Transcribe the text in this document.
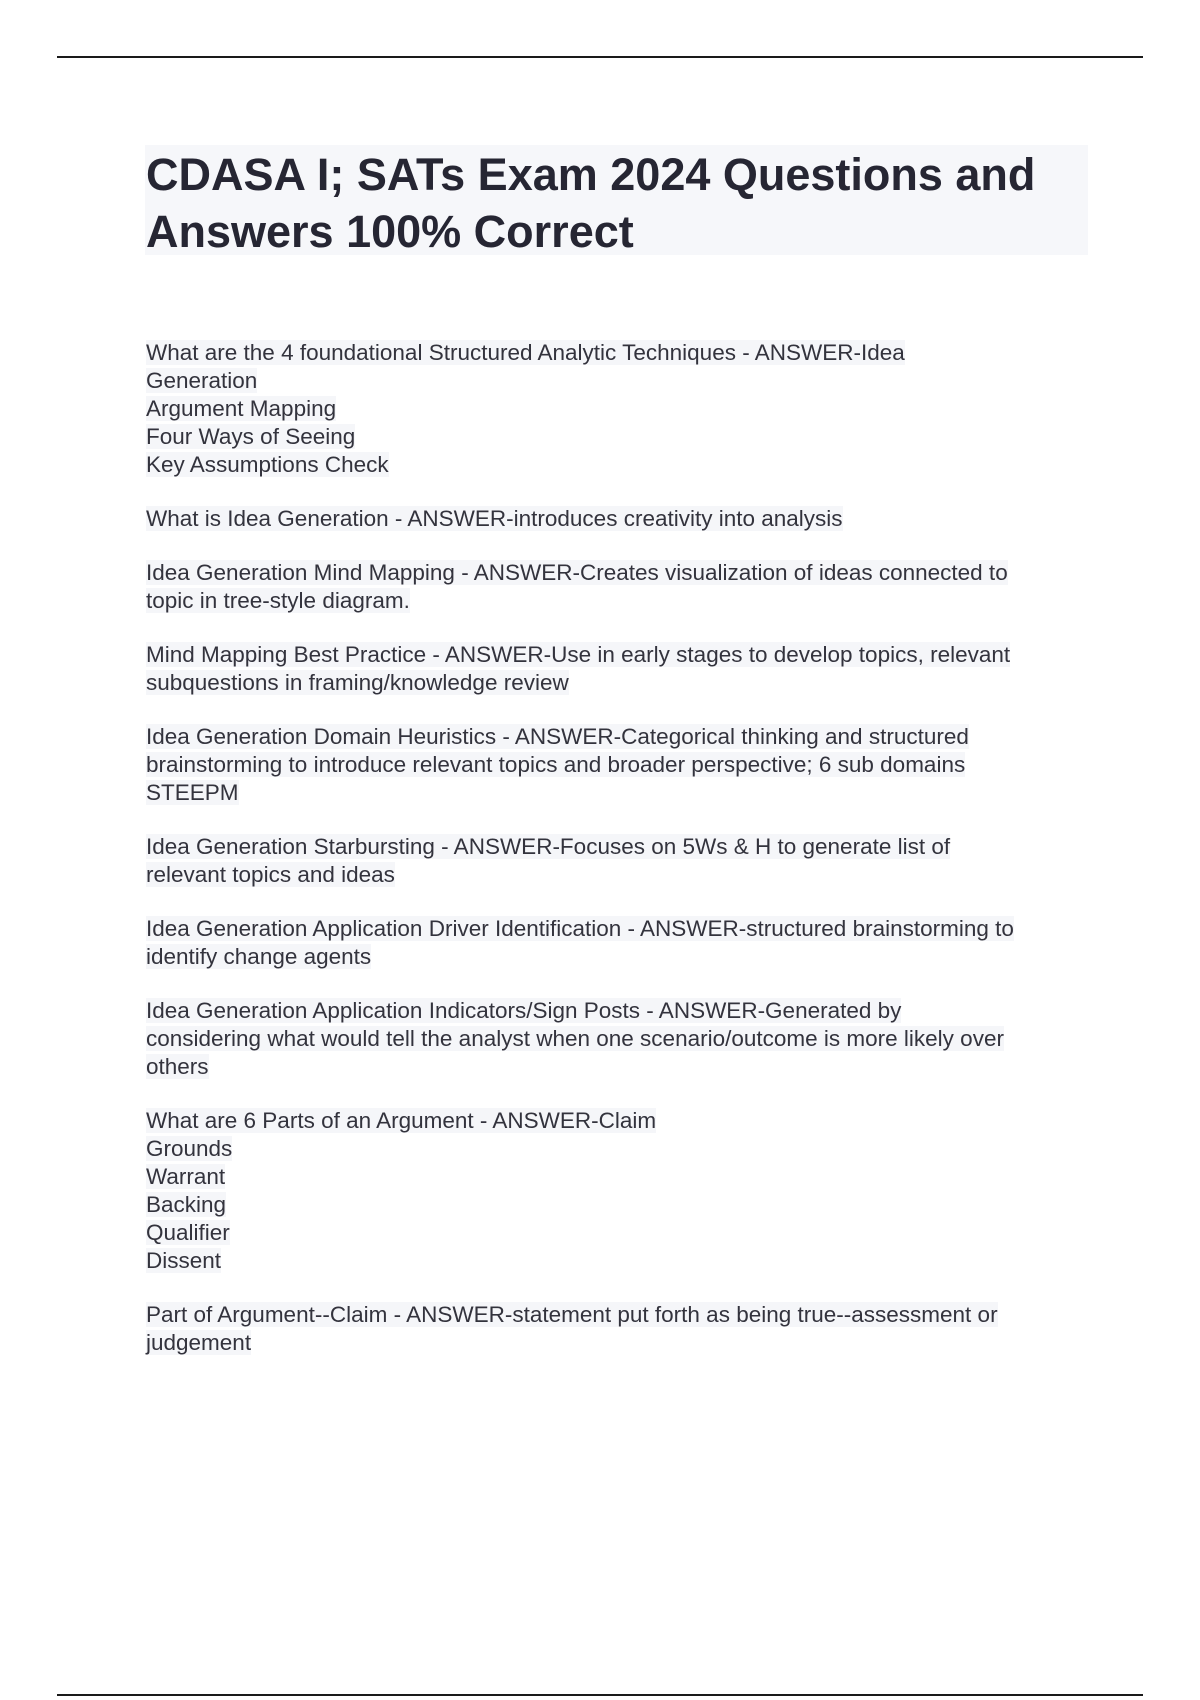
CDASA I; SATs Exam 2024 Questions and Answers 100% Correct

What are the 4 foundational Structured Analytic Techniques - ANSWER-Idea
Generation
Argument Mapping
Four Ways of Seeing
Key Assumptions Check

What is Idea Generation - ANSWER-introduces creativity into analysis

Idea Generation Mind Mapping - ANSWER-Creates visualization of ideas connected to
topic in tree-style diagram.

Mind Mapping Best Practice - ANSWER-Use in early stages to develop topics, relevant
subquestions in framing/knowledge review

Idea Generation Domain Heuristics - ANSWER-Categorical thinking and structured
brainstorming to introduce relevant topics and broader perspective; 6 sub domains
STEEPM

Idea Generation Starbursting - ANSWER-Focuses on 5Ws & H to generate list of
relevant topics and ideas

Idea Generation Application Driver Identification - ANSWER-structured brainstorming to
identify change agents

Idea Generation Application Indicators/Sign Posts - ANSWER-Generated by
considering what would tell the analyst when one scenario/outcome is more likely over
others

What are 6 Parts of an Argument - ANSWER-Claim
Grounds
Warrant
Backing
Qualifier
Dissent

Part of Argument--Claim - ANSWER-statement put forth as being true--assessment or
judgement
